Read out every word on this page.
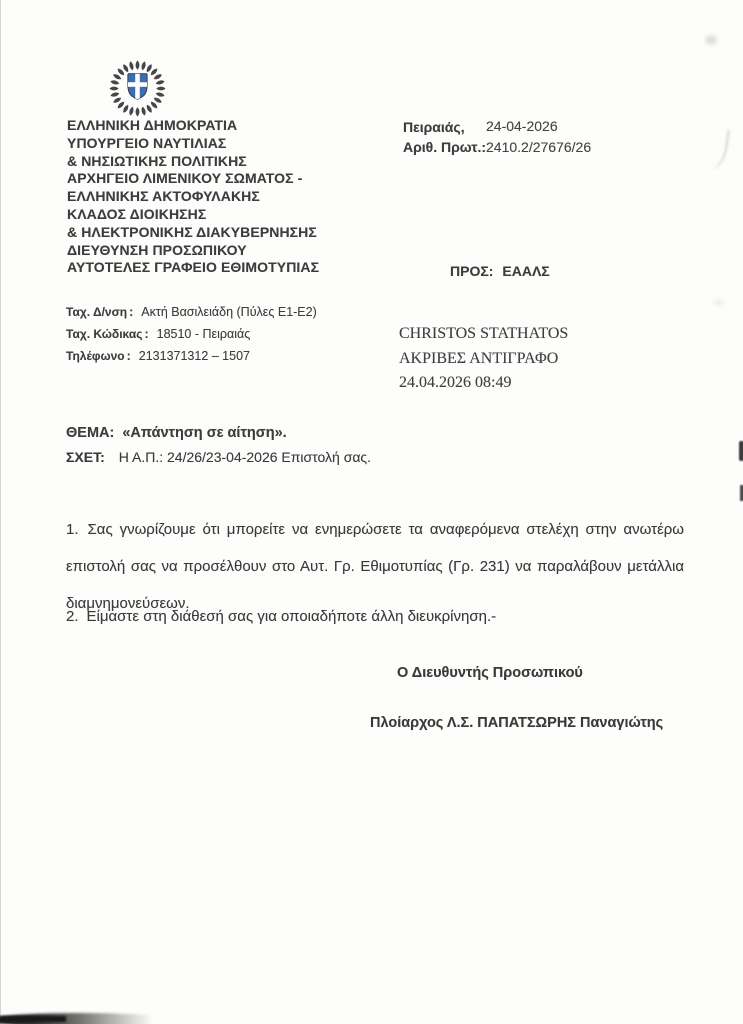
ΕΛΛΗΝΙΚΗ ΔΗΜΟΚΡΑΤΙΑ
ΥΠΟΥΡΓΕΙΟ ΝΑΥΤΙΛΙΑΣ
& ΝΗΣΙΩΤΙΚΗΣ ΠΟΛΙΤΙΚΗΣ
ΑΡΧΗΓΕΙΟ ΛΙΜΕΝΙΚΟΥ ΣΩΜΑΤΟΣ -
ΕΛΛΗΝΙΚΗΣ ΑΚΤΟΦΥΛΑΚΗΣ
ΚΛΑΔΟΣ ΔΙΟΙΚΗΣΗΣ
& ΗΛΕΚΤΡΟΝΙΚΗΣ ΔΙΑΚΥΒΕΡΝΗΣΗΣ
ΔΙΕΥΘΥΝΣΗ ΠΡΟΣΩΠΙΚΟΥ
ΑΥΤΟΤΕΛΕΣ ΓΡΑΦΕΙΟ ΕΘΙΜΟΤΥΠΙΑΣ
Πειραιάς, 24-04-2026
Αριθ. Πρωτ.: 2410.2/27676/26
Ταχ. Δ/νση : Ακτή Βασιλειάδη (Πύλες Ε1-Ε2)
Ταχ. Κώδικας : 18510 - Πειραιάς
Τηλέφωνο : 2131371312 – 1507
ΠΡΟΣ: ΕΑΑΛΣ
CHRISTOS STATHATOS
ΑΚΡΙΒΕΣ ΑΝΤΙΓΡΑΦΟ
24.04.2026 08:49
ΘΕΜΑ: «Απάντηση σε αίτηση».
ΣΧΕΤ: Η Α.Π.: 24/26/23-04-2026 Επιστολή σας.
1. Σας γνωρίζουμε ότι μπορείτε να ενημερώσετε τα αναφερόμενα στελέχη στην ανωτέρω επιστολή σας να προσέλθουν στο Αυτ. Γρ. Εθιμοτυπίας (Γρ. 231) να παραλάβουν μετάλλια διαμνημονεύσεων.
2. Είμαστε στη διάθεσή σας για οποιαδήποτε άλλη διευκρίνηση.-
Ο Διευθυντής Προσωπικού
Πλοίαρχος Λ.Σ. ΠΑΠΑΤΣΩΡΗΣ Παναγιώτης
